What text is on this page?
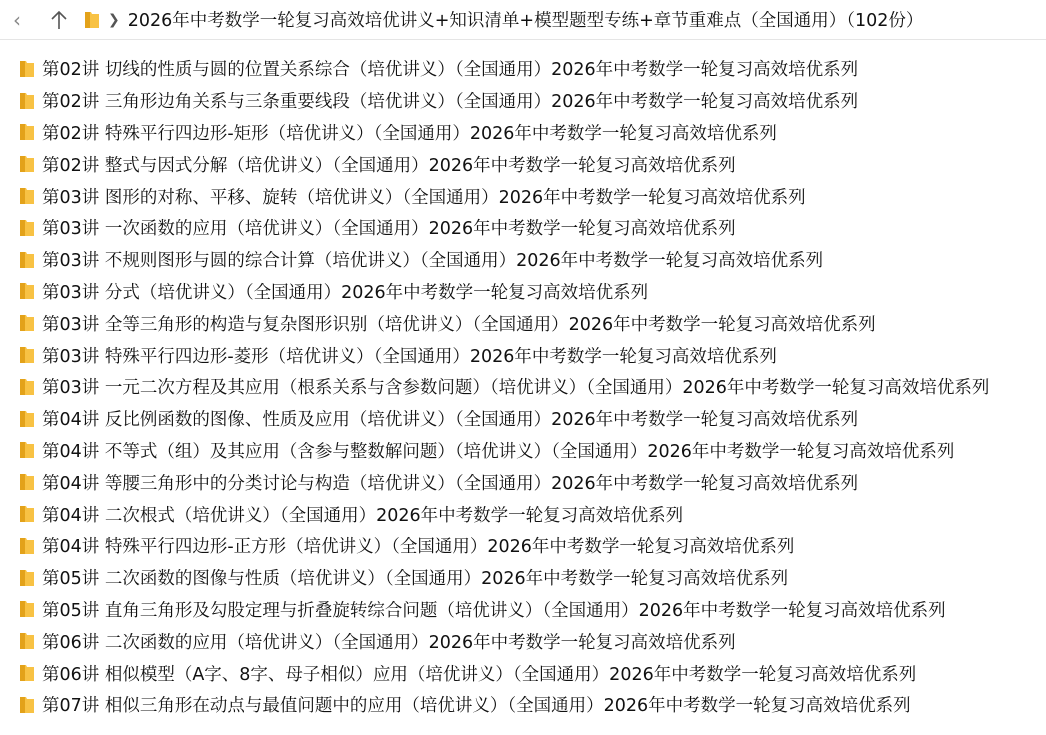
‹	❯ 2026年中考数学一轮复习高效培优讲义+知识清单+模型题型专练+章节重难点（全国通用）（102份）
第02讲 切线的性质与圆的位置关系综合（培优讲义）（全国通用）2026年中考数学一轮复习高效培优系列
第02讲 三角形边角关系与三条重要线段（培优讲义）（全国通用）2026年中考数学一轮复习高效培优系列
第02讲 特殊平行四边形-矩形（培优讲义）（全国通用）2026年中考数学一轮复习高效培优系列
第02讲 整式与因式分解（培优讲义）（全国通用）2026年中考数学一轮复习高效培优系列
第03讲 图形的对称、平移、旋转（培优讲义）（全国通用）2026年中考数学一轮复习高效培优系列
第03讲 一次函数的应用（培优讲义）（全国通用）2026年中考数学一轮复习高效培优系列
第03讲 不规则图形与圆的综合计算（培优讲义）（全国通用）2026年中考数学一轮复习高效培优系列
第03讲 分式（培优讲义）（全国通用）2026年中考数学一轮复习高效培优系列
第03讲 全等三角形的构造与复杂图形识别（培优讲义）（全国通用）2026年中考数学一轮复习高效培优系列
第03讲 特殊平行四边形-菱形（培优讲义）（全国通用）2026年中考数学一轮复习高效培优系列
第03讲 一元二次方程及其应用（根系关系与含参数问题）（培优讲义）（全国通用）2026年中考数学一轮复习高效培优系列
第04讲 反比例函数的图像、性质及应用（培优讲义）（全国通用）2026年中考数学一轮复习高效培优系列
第04讲 不等式（组）及其应用（含参与整数解问题）（培优讲义）（全国通用）2026年中考数学一轮复习高效培优系列
第04讲 等腰三角形中的分类讨论与构造（培优讲义）（全国通用）2026年中考数学一轮复习高效培优系列
第04讲 二次根式（培优讲义）（全国通用）2026年中考数学一轮复习高效培优系列
第04讲 特殊平行四边形-正方形（培优讲义）（全国通用）2026年中考数学一轮复习高效培优系列
第05讲 二次函数的图像与性质（培优讲义）（全国通用）2026年中考数学一轮复习高效培优系列
第05讲 直角三角形及勾股定理与折叠旋转综合问题（培优讲义）（全国通用）2026年中考数学一轮复习高效培优系列
第06讲 二次函数的应用（培优讲义）（全国通用）2026年中考数学一轮复习高效培优系列
第06讲 相似模型（A字、8字、母子相似）应用（培优讲义）（全国通用）2026年中考数学一轮复习高效培优系列
第07讲 相似三角形在动点与最值问题中的应用（培优讲义）（全国通用）2026年中考数学一轮复习高效培优系列
